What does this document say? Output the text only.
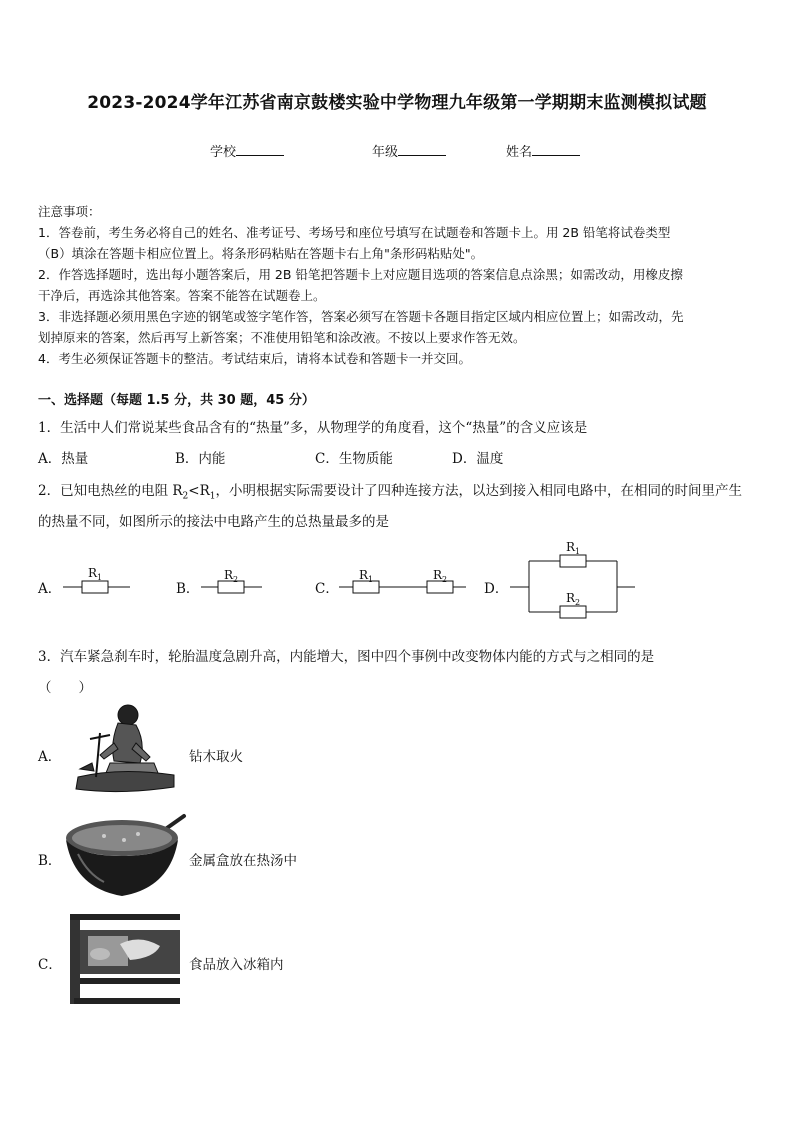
2023-2024学年江苏省南京鼓楼实验中学物理九年级第一学期期末监测模拟试题
学校	年级	姓名
注意事项：
1．答卷前，考生务必将自己的姓名、准考证号、考场号和座位号填写在试题卷和答题卡上。用 2B 铅笔将试卷类型
（B）填涂在答题卡相应位置上。将条形码粘贴在答题卡右上角"条形码粘贴处"。
2．作答选择题时，选出每小题答案后，用 2B 铅笔把答题卡上对应题目选项的答案信息点涂黑；如需改动，用橡皮擦
干净后，再选涂其他答案。答案不能答在试题卷上。
3．非选择题必须用黑色字迹的钢笔或签字笔作答，答案必须写在答题卡各题目指定区域内相应位置上；如需改动，先
划掉原来的答案，然后再写上新答案；不准使用铅笔和涂改液。不按以上要求作答无效。
4．考生必须保证答题卡的整洁。考试结束后，请将本试卷和答题卡一并交回。
一、选择题（每题 1.5 分，共 30 题，45 分）
1．生活中人们常说某些食品含有的“热量”多，从物理学的角度看，这个“热量”的含义应该是
A．热量	B．内能	C．生物质能	D．温度
2．已知电热丝的电阻 $R_2<R_1$，小明根据实际需要设计了四种连接方法，以达到接入相同电路中，在相同的时间里产生
的热量不同，如图所示的接法中电路产生的总热量最多的是
A．	B．	C．	D．
$R_1$	$R_2$	$R_1$	$R_2$
$R_1$
$R_2$
3．汽车紧急刹车时，轮胎温度急剧升高，内能增大，图中四个事例中改变物体内能的方式与之相同的是
（　　）
A．	钻木取火
B．	金属盒放在热汤中
C．	食品放入冰箱内
